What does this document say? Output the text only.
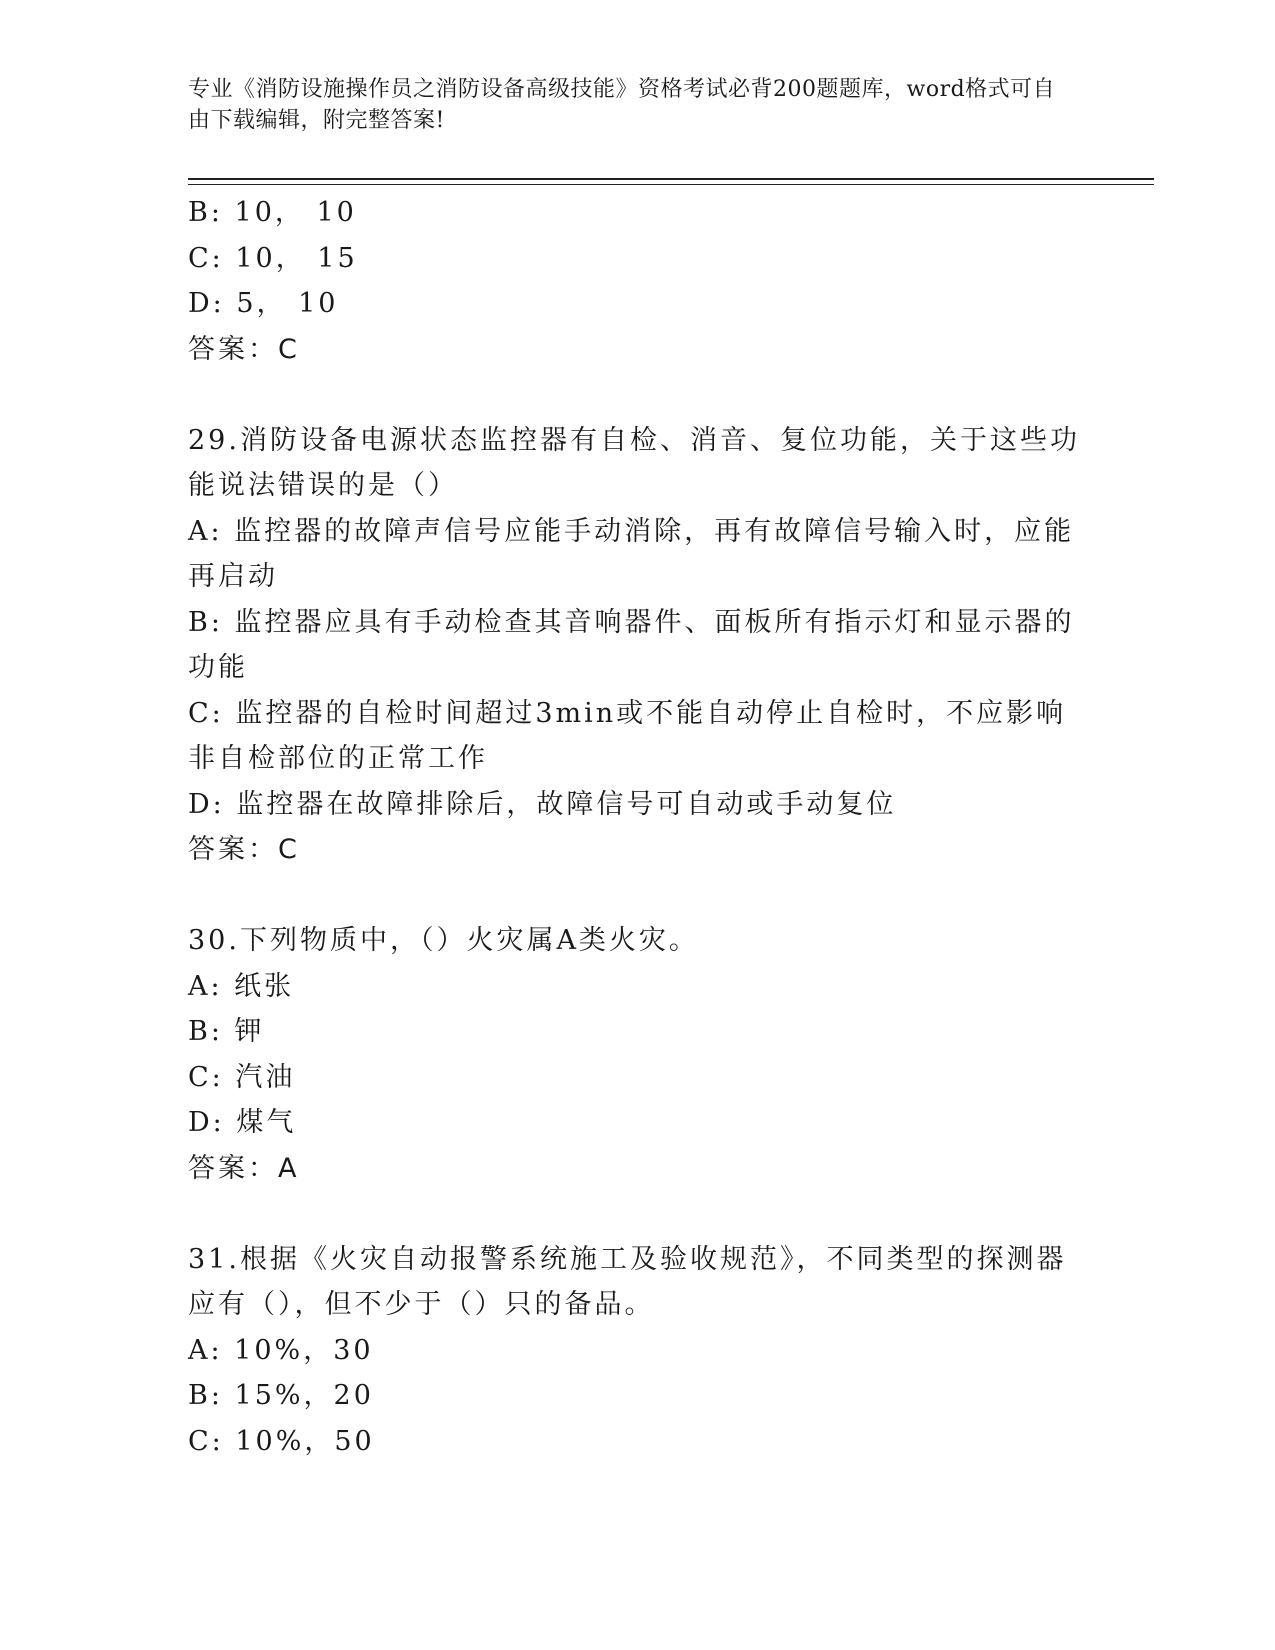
专业《消防设施操作员之消防设备高级技能》资格考试必背200题题库，word格式可自由下载编辑，附完整答案!

B: 10， 10

C: 10， 15

D: 5， 10

答案：C

29.消防设备电源状态监控器有自检、消音、复位功能，关于这些功能说法错误的是（）

A: 监控器的故障声信号应能手动消除，再有故障信号输入时，应能再启动

B: 监控器应具有手动检查其音响器件、面板所有指示灯和显示器的功能

C: 监控器的自检时间超过3min或不能自动停止自检时，不应影响非自检部位的正常工作

D: 监控器在故障排除后，故障信号可自动或手动复位

答案：C

30.下列物质中，（）火灾属A类火灾。

A: 纸张

B: 钾

C: 汽油

D: 煤气

答案：A

31.根据《火灾自动报警系统施工及验收规范》，不同类型的探测器应有（），但不少于（）只的备品。

A: 10%，30

B: 15%，20

C: 10%，50
